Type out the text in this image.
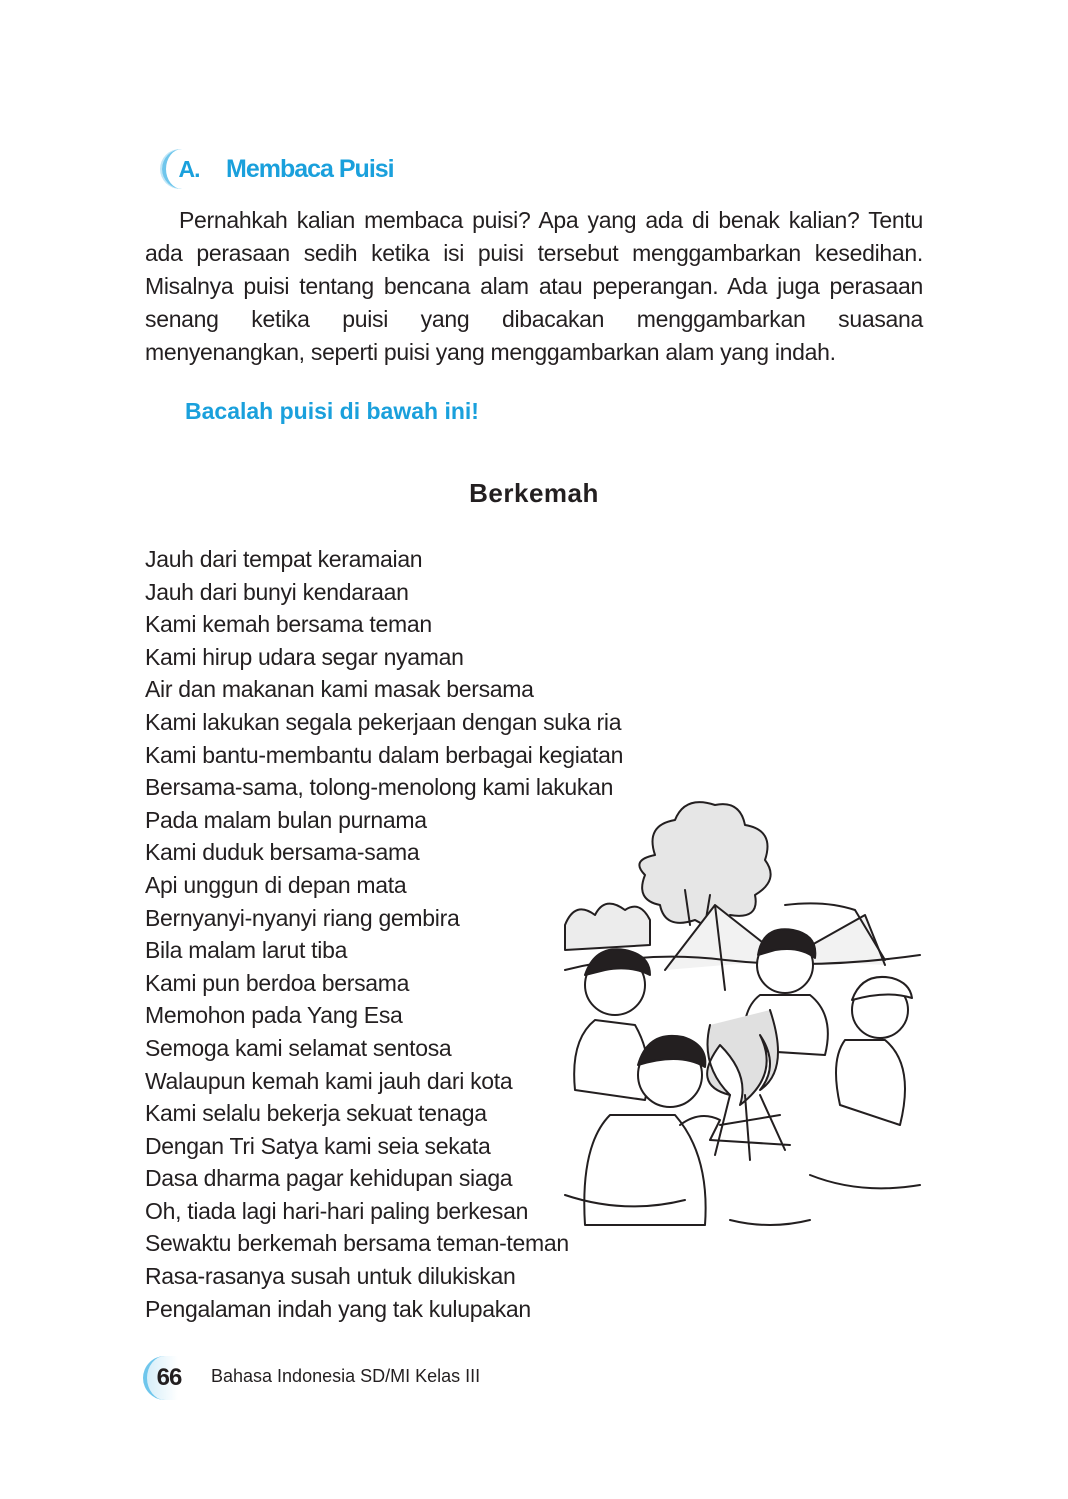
A.	Membaca Puisi

Pernahkah kalian membaca puisi? Apa yang ada di benak kalian? Tentu ada perasaan sedih ketika isi puisi tersebut menggambarkan kesedihan. Misalnya puisi tentang bencana alam atau peperangan. Ada juga perasaan senang ketika puisi yang dibacakan menggambarkan suasana menyenangkan, seperti puisi yang menggambarkan alam yang indah.

Bacalah puisi di bawah ini!

Berkemah
Jauh dari tempat keramaian
Jauh dari bunyi kendaraan
Kami kemah bersama teman
Kami hirup udara segar nyaman
Air dan makanan kami masak bersama
Kami lakukan segala pekerjaan dengan suka ria
Kami bantu-membantu dalam berbagai kegiatan
Bersama-sama, tolong-menolong kami lakukan
Pada malam bulan purnama
Kami duduk bersama-sama
Api unggun di depan mata
Bernyanyi-nyanyi riang gembira
Bila malam larut tiba
Kami pun berdoa bersama
Memohon pada Yang Esa
Semoga kami selamat sentosa
Walaupun kemah kami jauh dari kota
Kami selalu bekerja sekuat tenaga
Dengan Tri Satya kami seia sekata
Dasa dharma pagar kehidupan siaga
Oh, tiada lagi hari-hari paling berkesan
Sewaktu berkemah bersama teman-teman
Rasa-rasanya susah untuk dilukiskan
Pengalaman indah yang tak kulupakan
66	Bahasa Indonesia SD/MI Kelas III
